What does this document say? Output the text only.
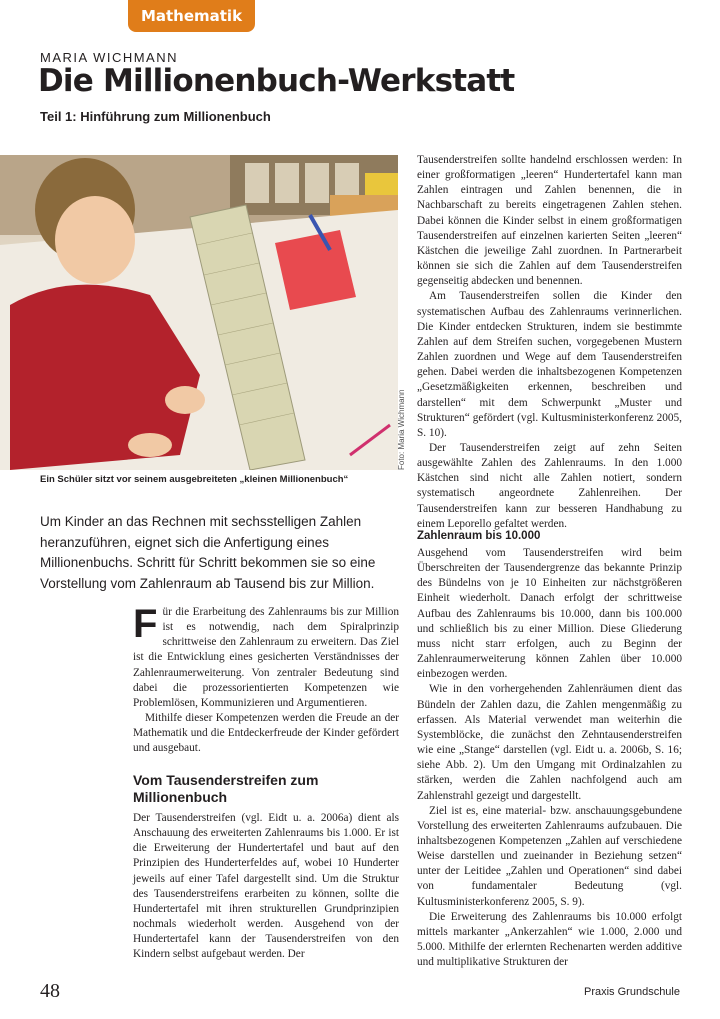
Mathematik
MARIA WICHMANN
Die Millionenbuch-Werkstatt
Teil 1: Hinführung zum Millionenbuch
Foto: Maria Wichmann
Ein Schüler sitzt vor seinem ausgebreiteten „kleinen Millionenbuch“
Um Kinder an das Rechnen mit sechsstelligen Zahlen heranzuführen, eignet sich die Anfertigung eines Millionenbuchs. Schritt für Schritt bekommen sie so eine Vorstellung vom Zahlenraum ab Tausend bis zur Million.

Für die Erarbeitung des Zahlenraums bis zur Million ist es notwendig, nach dem Spiralprinzip schrittweise den Zahlenraum zu erweitern. Das Ziel ist die Entwicklung eines gesicherten Verständnisses der Zahlenraumerweiterung. Von zentraler Bedeutung sind dabei die prozessorientierten Kompetenzen wie Problemlösen, Kommunizieren und Argumentieren.

Mithilfe dieser Kompetenzen werden die Freude an der Mathematik und die Entdeckerfreude der Kinder gefördert und ausgebaut.

Vom Tausenderstreifen zum Millionenbuch

Der Tausenderstreifen (vgl. Eidt u. a. 2006a) dient als Anschauung des erweiterten Zahlenraums bis 1.000. Er ist die Erweiterung der Hundertertafel und baut auf den Prinzipien des Hunderterfeldes auf, wobei 10 Hunderter jeweils auf einer Tafel dargestellt sind. Um die Struktur des Tausenderstreifens erarbeiten zu können, sollte die Hundertertafel mit ihren strukturellen Grundprinzipien nochmals wiederholt werden. Ausgehend von der Hundertertafel kann der Tausenderstreifen von den Kindern selbst aufgebaut werden. Der

Tausenderstreifen sollte handelnd erschlossen werden: In einer großformatigen „leeren“ Hundertertafel kann man Zahlen eintragen und Zahlen benennen, die in Nachbarschaft zu bereits eingetragenen Zahlen stehen. Dabei können die Kinder selbst in einem großformatigen Tausenderstreifen auf einzelnen karierten Seiten „leeren“ Kästchen die jeweilige Zahl zuordnen. In Partnerarbeit können sie sich die Zahlen auf dem Tausenderstreifen gegenseitig abdecken und benennen.

Am Tausenderstreifen sollen die Kinder den systematischen Aufbau des Zahlenraums verinnerlichen. Die Kinder entdecken Strukturen, indem sie bestimmte Zahlen auf dem Streifen suchen, vorgegebenen Mustern Zahlen zuordnen und Wege auf dem Tausenderstreifen gehen. Dabei werden die inhaltsbezogenen Kompetenzen „Gesetzmäßigkeiten erkennen, beschreiben und darstellen“ mit dem Schwerpunkt „Muster und Strukturen“ gefördert (vgl. Kultusministerkonferenz 2005, S. 10).

Der Tausenderstreifen zeigt auf zehn Seiten ausgewählte Zahlen des Zahlenraums. In den 1.000 Kästchen sind nicht alle Zahlen notiert, sondern systematisch angeordnete Zahlenreihen. Der Tausenderstreifen kann zur besseren Handhabung zu einem Leporello gefaltet werden.

Zahlenraum bis 10.000

Ausgehend vom Tausenderstreifen wird beim Überschreiten der Tausendergrenze das bekannte Prinzip des Bündelns von je 10 Einheiten zur nächstgrößeren Einheit wiederholt. Danach erfolgt der schrittweise Aufbau des Zahlenraums bis 10.000, dann bis 100.000 und schließlich bis zu einer Million. Diese Gliederung muss nicht starr erfolgen, auch zu Beginn der Zahlenraumerweiterung können Zahlen über 10.000 einbezogen werden.

Wie in den vorhergehenden Zahlenräumen dient das Bündeln der Zahlen dazu, die Zahlen mengenmäßig zu erfassen. Als Material verwendet man weiterhin die Systemblöcke, die zunächst den Zehntausenderstreifen wie eine „Stange“ darstellen (vgl. Eidt u. a. 2006b, S. 16; siehe Abb. 2). Um den Umgang mit Ordinalzahlen zu stärken, werden die Zahlen nachfolgend auch am Zahlenstrahl gezeigt und dargestellt.

Ziel ist es, eine material- bzw. anschauungsgebundene Vorstellung des erweiterten Zahlenraums aufzubauen. Die inhaltsbezogenen Kompetenzen „Zahlen auf verschiedene Weise darstellen und zueinander in Beziehung setzen“ unter der Leitidee „Zahlen und Operationen“ sind dabei von fundamentaler Bedeutung (vgl. Kultusministerkonferenz 2005, S. 9).

Die Erweiterung des Zahlenraums bis 10.000 erfolgt mittels markanter „Ankerzahlen“ wie 1.000, 2.000 und 5.000. Mithilfe der erlernten Rechenarten werden additive und multiplikative Strukturen der

48	Praxis Grundschule
